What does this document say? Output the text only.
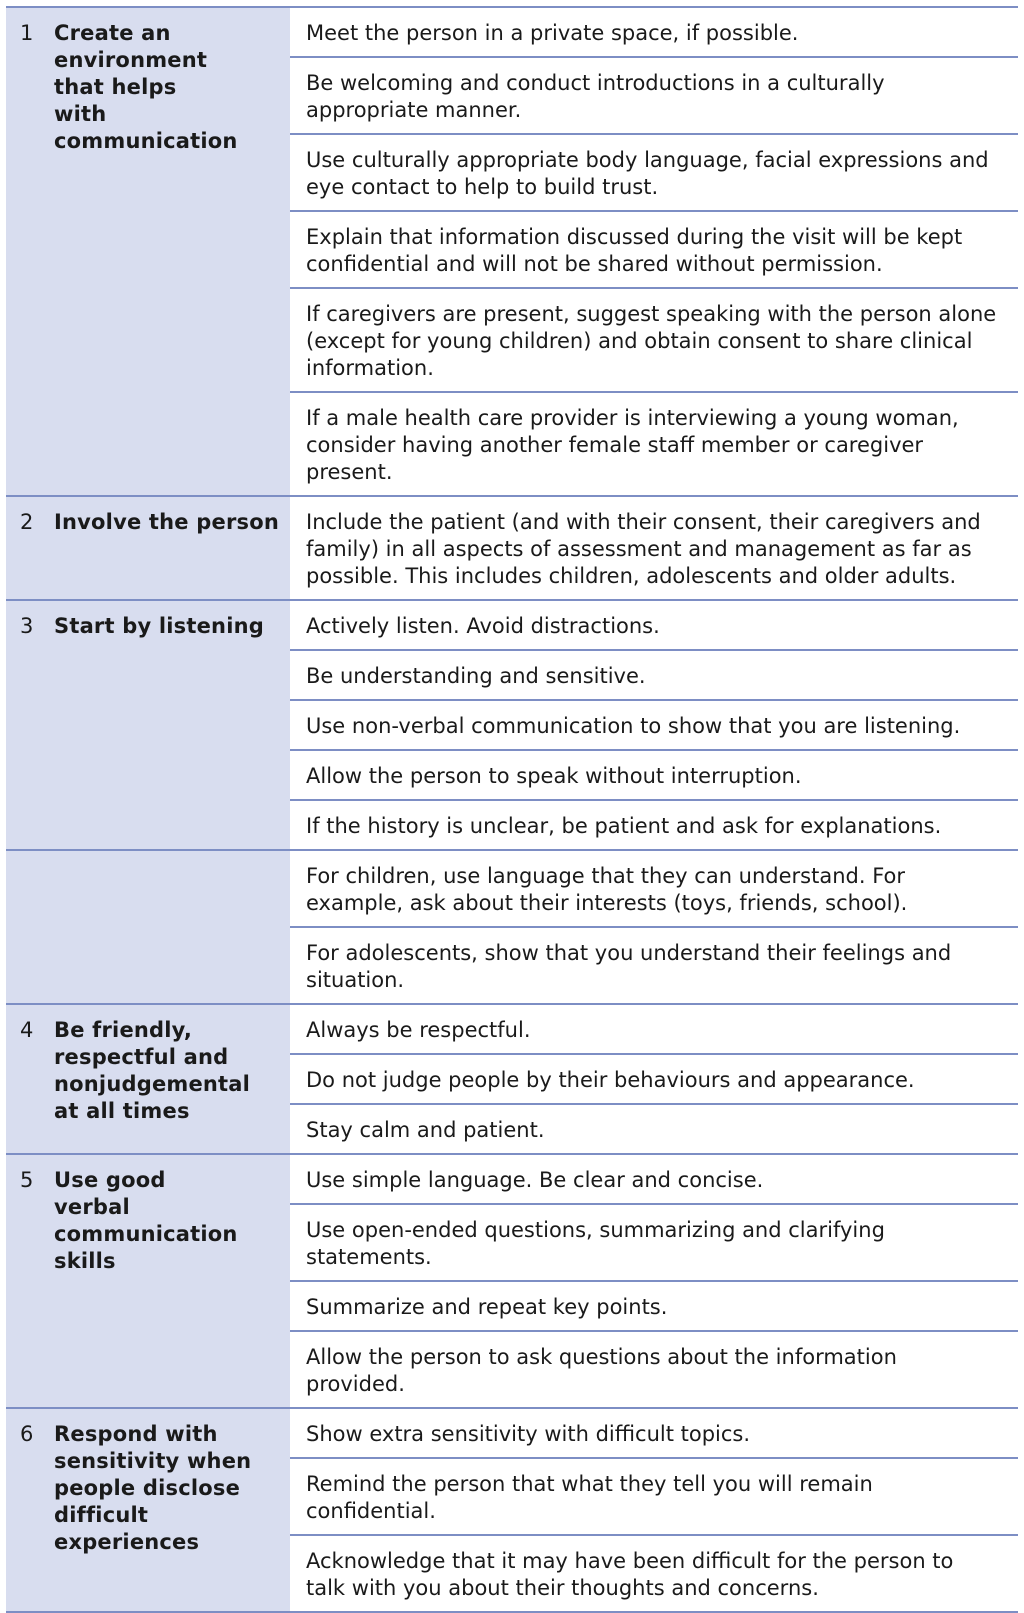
1 Create an environment that helps with communication
Meet the person in a private space, if possible.
Be welcoming and conduct introductions in a culturally appropriate manner.
Use culturally appropriate body language, facial expressions and eye contact to help to build trust.
Explain that information discussed during the visit will be kept confidential and will not be shared without permission.
If caregivers are present, suggest speaking with the person alone (except for young children) and obtain consent to share clinical information.
If a male health care provider is interviewing a young woman, consider having another female staff member or caregiver present.
2 Involve the person	Include the patient (and with their consent, their caregivers and family) in all aspects of assessment and management as far as possible. This includes children, adolescents and older adults.
3 Start by listening	Actively listen. Avoid distractions.
Be understanding and sensitive.
Use non-verbal communication to show that you are listening.
Allow the person to speak without interruption.
If the history is unclear, be patient and ask for explanations.
For children, use language that they can understand. For example, ask about their interests (toys, friends, school).
For adolescents, show that you understand their feelings and situation.
4 Be friendly, respectful and nonjudgemental at all times
Always be respectful.
Do not judge people by their behaviours and appearance.
Stay calm and patient.
5 Use good verbal communication skills
Use simple language. Be clear and concise.
Use open-ended questions, summarizing and clarifying statements.
Summarize and repeat key points.
Allow the person to ask questions about the information provided.
6 Respond with sensitivity when people disclose difficult experiences
Show extra sensitivity with difficult topics.
Remind the person that what they tell you will remain confidential.
Acknowledge that it may have been difficult for the person to talk with you about their thoughts and concerns.
